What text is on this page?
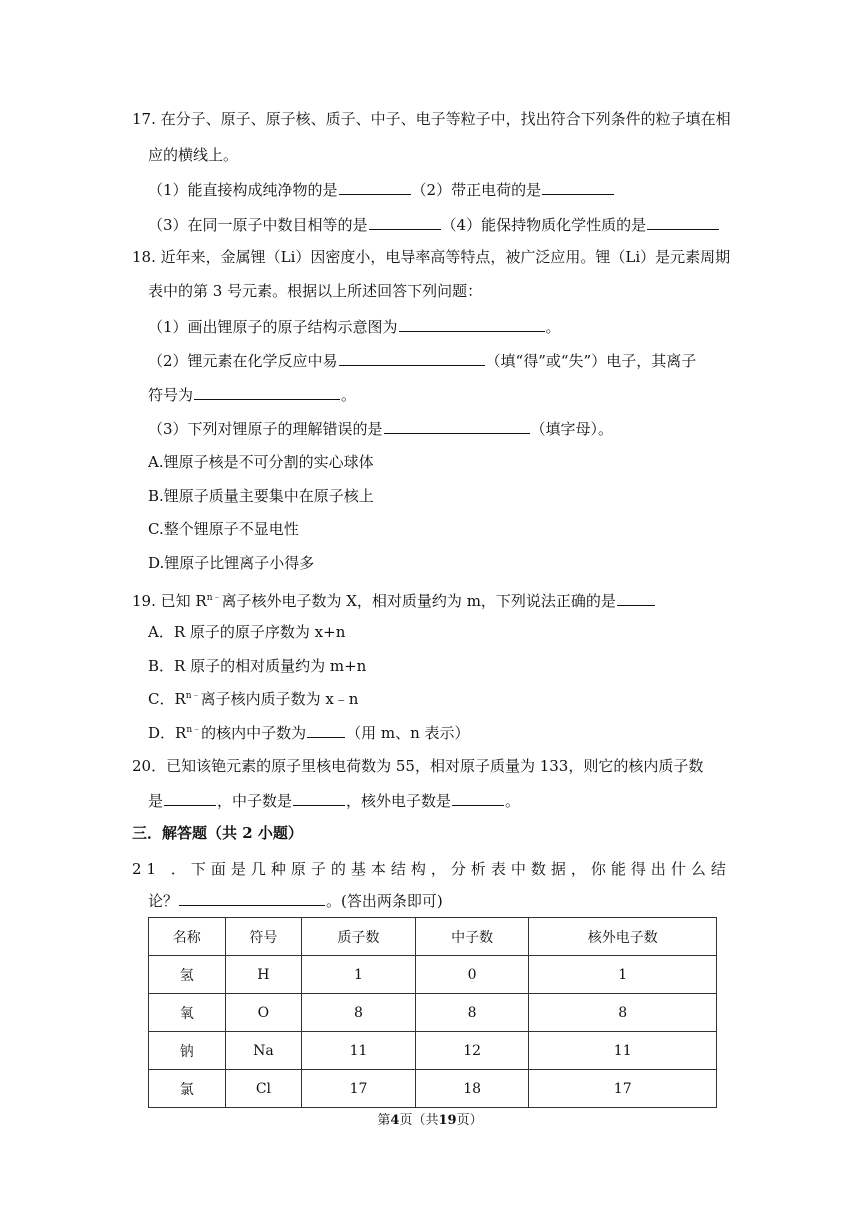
17. 在分子、原子、原子核、质子、中子、电子等粒子中，找出符合下列条件的粒子填在相
应的横线上。
（1）能直接构成纯净物的是	（2）带正电荷的是
（3）在同一原子中数目相等的是	（4）能保持物质化学性质的是
18. 近年来，金属锂（Li）因密度小，电导率高等特点，被广泛应用。锂（Li）是元素周期
表中的第 3 号元素。根据以上所述回答下列问题：
（1）画出锂原子的原子结构示意图为	。
（2）锂元素在化学反应中易	（填“得”或“失”）电子，其离子
符号为	。
（3）下列对锂原子的理解错误的是	（填字母）。
A.锂原子核是不可分割的实心球体
B.锂原子质量主要集中在原子核上
C.整个锂原子不显电性
D.锂原子比锂离子小得多
19. 已知 $R^{n﹣}$离子核外电子数为 X，相对质量约为 m，下列说法正确的是
A．R 原子的原子序数为 x+n
B．R 原子的相对质量约为 m+n
C．$R^{n﹣}$离子核内质子数为 x﹣n
D．$R^{n﹣}$的核内中子数为	（用 m、n 表示）
20．已知该铯元素的原子里核电荷数为 55，相对原子质量为 133，则它的核内质子数
是	，中子数是	，核外电子数是	。
三．解答题（共 2 小题）
21 ．下面是几种原子的基本结构，分析表中数据，你能得出什么结
论？	。(答出两条即可)
名称	符号	质子数	中子数	核外电子数
氢	H	1	0	1
氧	O	8	8	8
钠	Na	11	12	11
氯	Cl	17	18	17
第4页（共19页）
